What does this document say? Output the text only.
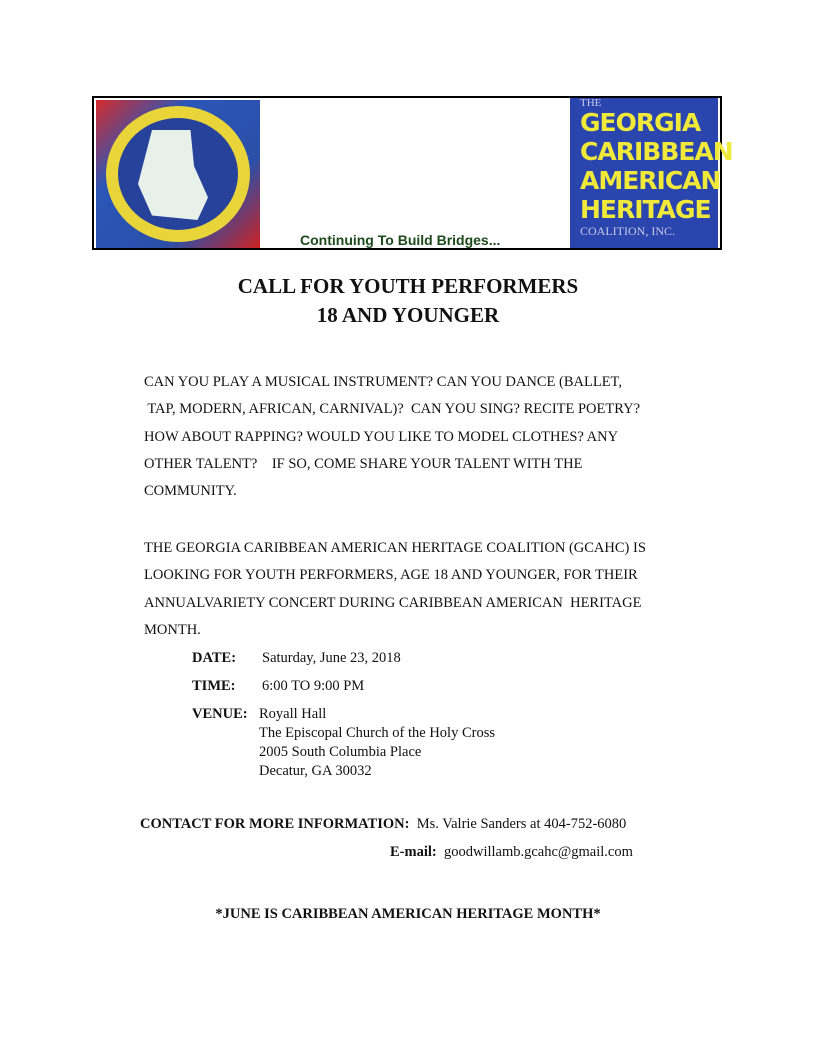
Continuing To Build Bridges...
THE
GEORGIA
CARIBBEAN
AMERICAN
HERITAGE
COALITION, INC.
CALL FOR YOUTH PERFORMERS
18 AND YOUNGER
CAN YOU PLAY A MUSICAL INSTRUMENT? CAN YOU DANCE (BALLET,
TAP, MODERN, AFRICAN, CARNIVAL)?  CAN YOU SING? RECITE POETRY?
HOW ABOUT RAPPING? WOULD YOU LIKE TO MODEL CLOTHES? ANY
OTHER TALENT?    IF SO, COME SHARE YOUR TALENT WITH THE
COMMUNITY.
THE GEORGIA CARIBBEAN AMERICAN HERITAGE COALITION (GCAHC) IS
LOOKING FOR YOUTH PERFORMERS, AGE 18 AND YOUNGER, FOR THEIR
ANNUALVARIETY CONCERT DURING CARIBBEAN AMERICAN  HERITAGE
MONTH.
DATE: Saturday, June 23, 2018
TIME: 6:00 TO 9:00 PM
VENUE: Royall Hall
The Episcopal Church of the Holy Cross
2005 South Columbia Place
Decatur, GA 30032
CONTACT FOR MORE INFORMATION: Ms. Valrie Sanders at 404-752-6080
E-mail: goodwillamb.gcahc@gmail.com
*JUNE IS CARIBBEAN AMERICAN HERITAGE MONTH*
